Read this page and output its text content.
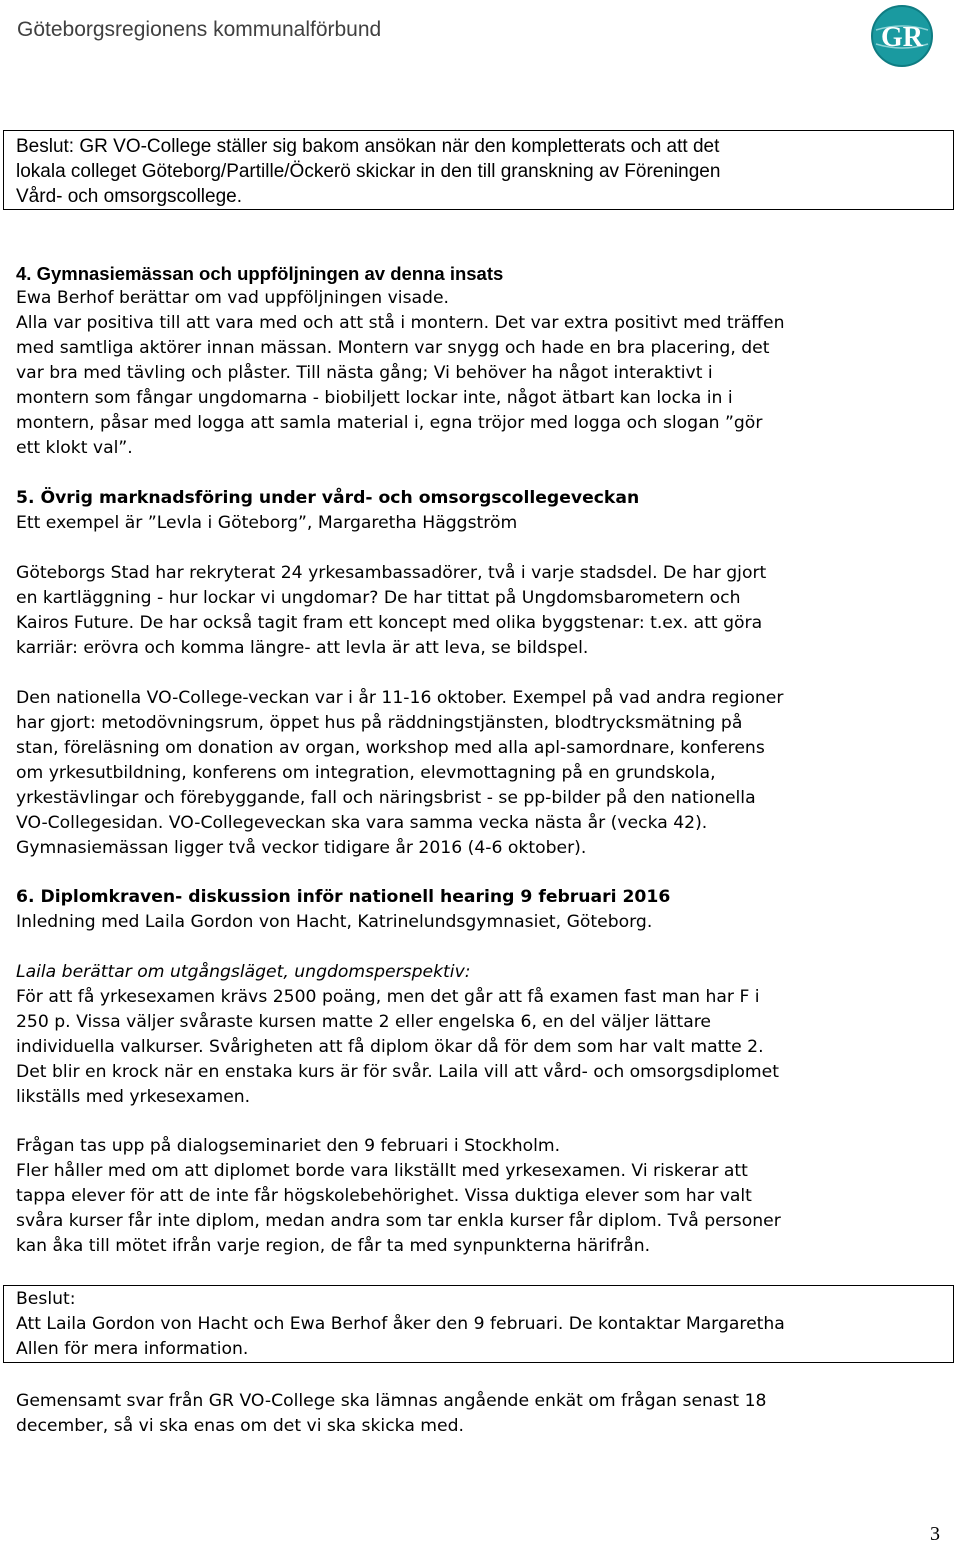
Göteborgsregionens kommunalförbund	GR
Beslut: GR VO-College ställer sig bakom ansökan när den kompletterats och att det
lokala colleget Göteborg/Partille/Öckerö skickar in den till granskning av Föreningen
Vård- och omsorgscollege.
4. Gymnasiemässan och uppföljningen av denna insats
Ewa Berhof berättar om vad uppföljningen visade.
Alla var positiva till att vara med och att stå i montern. Det var extra positivt med träffen
med samtliga aktörer innan mässan. Montern var snygg och hade en bra placering, det
var bra med tävling och plåster. Till nästa gång; Vi behöver ha något interaktivt i
montern som fångar ungdomarna - biobiljett lockar inte, något ätbart kan locka in i
montern, påsar med logga att samla material i, egna tröjor med logga och slogan ”gör
ett klokt val”.
5. Övrig marknadsföring under vård- och omsorgscollegeveckan
Ett exempel är ”Levla i Göteborg”, Margaretha Häggström
Göteborgs Stad har rekryterat 24 yrkesambassadörer, två i varje stadsdel. De har gjort
en kartläggning - hur lockar vi ungdomar? De har tittat på Ungdomsbarometern och
Kairos Future. De har också tagit fram ett koncept med olika byggstenar: t.ex. att göra
karriär: erövra och komma längre- att levla är att leva, se bildspel.
Den nationella VO-College-veckan var i år 11-16 oktober. Exempel på vad andra regioner
har gjort: metodövningsrum, öppet hus på räddningstjänsten, blodtrycksmätning på
stan, föreläsning om donation av organ, workshop med alla apl-samordnare, konferens
om yrkesutbildning, konferens om integration, elevmottagning på en grundskola,
yrkestävlingar och förebyggande, fall och näringsbrist - se pp-bilder på den nationella
VO-Collegesidan. VO-Collegeveckan ska vara samma vecka nästa år (vecka 42).
Gymnasiemässan ligger två veckor tidigare år 2016 (4-6 oktober).
6. Diplomkraven- diskussion inför nationell hearing 9 februari 2016
Inledning med Laila Gordon von Hacht, Katrinelundsgymnasiet, Göteborg.
Laila berättar om utgångsläget, ungdomsperspektiv:
För att få yrkesexamen krävs 2500 poäng, men det går att få examen fast man har F i
250 p. Vissa väljer svåraste kursen matte 2 eller engelska 6, en del väljer lättare
individuella valkurser. Svårigheten att få diplom ökar då för dem som har valt matte 2.
Det blir en krock när en enstaka kurs är för svår. Laila vill att vård- och omsorgsdiplomet
likställs med yrkesexamen.
Frågan tas upp på dialogseminariet den 9 februari i Stockholm.
Fler håller med om att diplomet borde vara likställt med yrkesexamen. Vi riskerar att
tappa elever för att de inte får högskolebehörighet. Vissa duktiga elever som har valt
svåra kurser får inte diplom, medan andra som tar enkla kurser får diplom. Två personer
kan åka till mötet ifrån varje region, de får ta med synpunkterna härifrån.
Beslut:
Att Laila Gordon von Hacht och Ewa Berhof åker den 9 februari. De kontaktar Margaretha
Allen för mera information.
Gemensamt svar från GR VO-College ska lämnas angående enkät om frågan senast 18
december, så vi ska enas om det vi ska skicka med.
3
